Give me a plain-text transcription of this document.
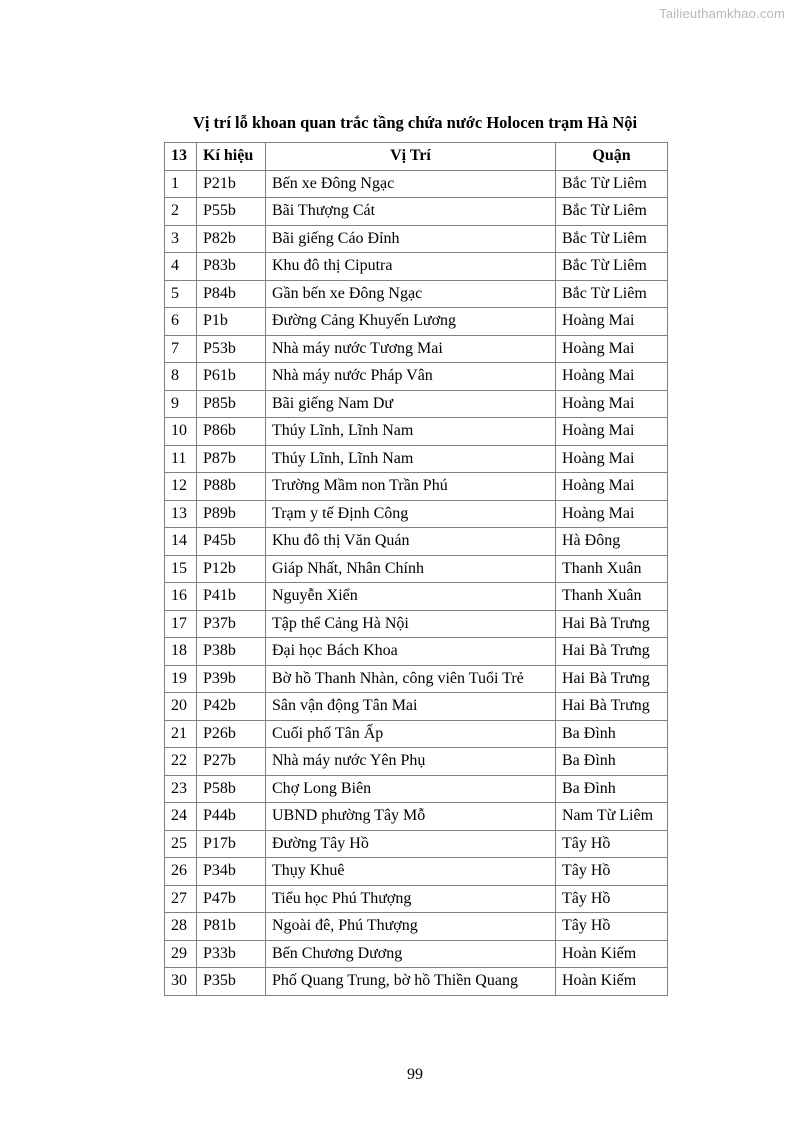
Tailieuthamkhao.com
Vị trí lỗ khoan quan trắc tầng chứa nước Holocen trạm Hà Nội
13	Kí hiệu	Vị Trí	Quận
1	P21b	Bến xe Đông Ngạc	Bắc Từ Liêm
2	P55b	Bãi Thượng Cát	Bắc Từ Liêm
3	P82b	Bãi giếng Cáo Đỉnh	Bắc Từ Liêm
4	P83b	Khu đô thị Ciputra	Bắc Từ Liêm
5	P84b	Gần bến xe Đông Ngạc	Bắc Từ Liêm
6	P1b	Đường Cảng Khuyến Lương	Hoàng Mai
7	P53b	Nhà máy nước Tương Mai	Hoàng Mai
8	P61b	Nhà máy nước Pháp Vân	Hoàng Mai
9	P85b	Bãi giếng Nam Dư	Hoàng Mai
10	P86b	Thúy Lĩnh, Lĩnh Nam	Hoàng Mai
11	P87b	Thúy Lĩnh, Lĩnh Nam	Hoàng Mai
12	P88b	Trường Mầm non Trần Phú	Hoàng Mai
13	P89b	Trạm y tế Định Công	Hoàng Mai
14	P45b	Khu đô thị Văn Quán	Hà Đông
15	P12b	Giáp Nhất, Nhân Chính	Thanh Xuân
16	P41b	Nguyễn Xiển	Thanh Xuân
17	P37b	Tập thể Cảng Hà Nội	Hai Bà Trưng
18	P38b	Đại học Bách Khoa	Hai Bà Trưng
19	P39b	Bờ hồ Thanh Nhàn, công viên Tuổi Trẻ	Hai Bà Trưng
20	P42b	Sân vận động Tân Mai	Hai Bà Trưng
21	P26b	Cuối phố Tân Ấp	Ba Đình
22	P27b	Nhà máy nước Yên Phụ	Ba Đình
23	P58b	Chợ Long Biên	Ba Đình
24	P44b	UBND phường Tây Mỗ	Nam Từ Liêm
25	P17b	Đường Tây Hồ	Tây Hồ
26	P34b	Thụy Khuê	Tây Hồ
27	P47b	Tiểu học Phú Thượng	Tây Hồ
28	P81b	Ngoài đê, Phú Thượng	Tây Hồ
29	P33b	Bến Chương Dương	Hoàn Kiếm
30	P35b	Phố Quang Trung, bờ hồ Thiền Quang	Hoàn Kiếm
99
